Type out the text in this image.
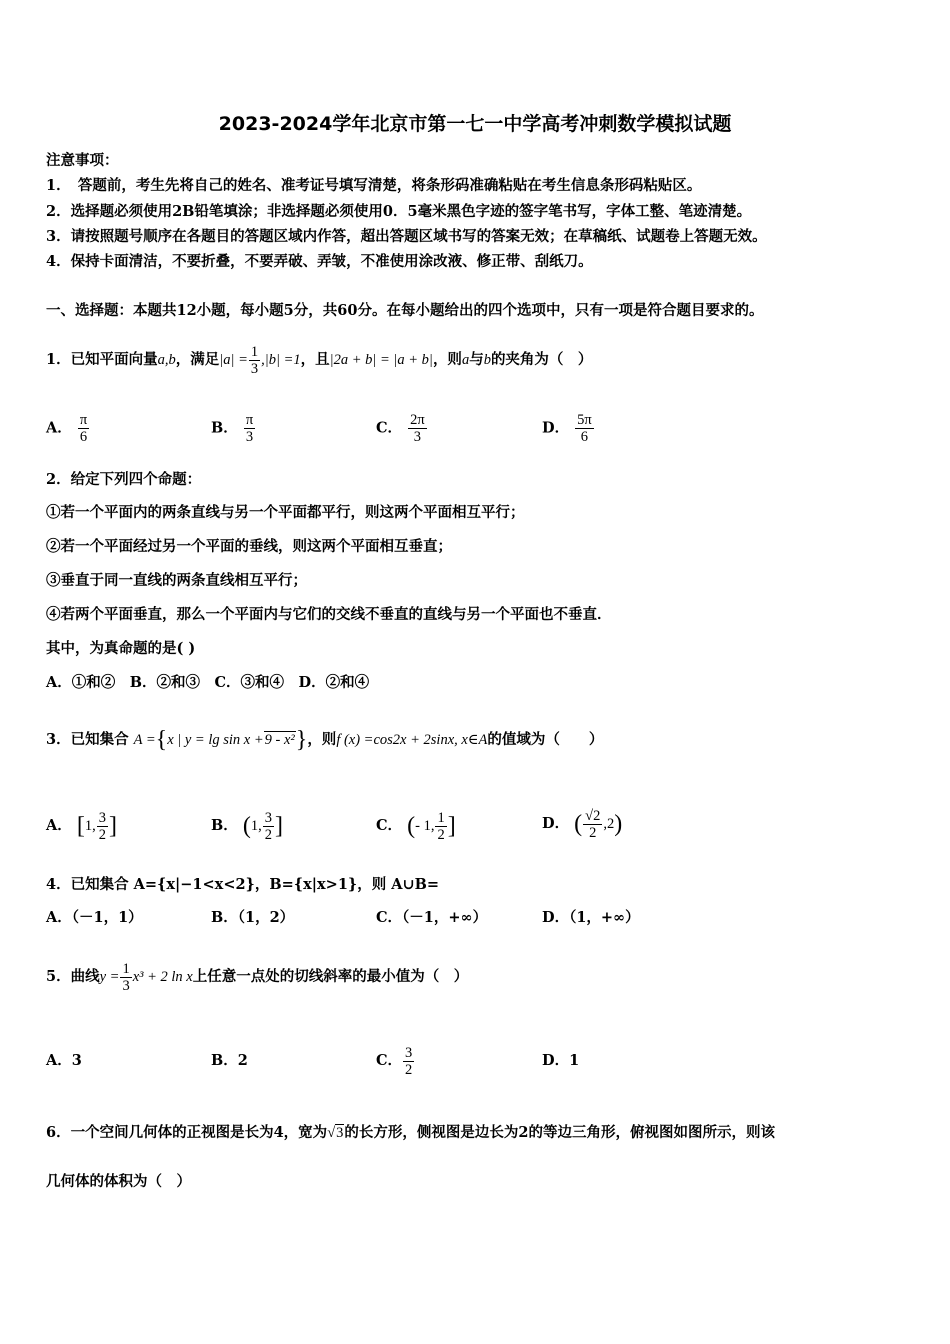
2023-2024学年北京市第一七一中学高考冲刺数学模拟试题
注意事项：
1．　答题前，考生先将自己的姓名、准考证号填写清楚，将条形码准确粘贴在考生信息条形码粘贴区。
2．选择题必须使用2B铅笔填涂；非选择题必须使用0．5毫米黑色字迹的签字笔书写，字体工整、笔迹清楚。
3．请按照题号顺序在各题目的答题区域内作答，超出答题区域书写的答案无效；在草稿纸、试题卷上答题无效。
4．保持卡面清洁，不要折叠，不要弄破、弄皱，不准使用涂改液、修正带、刮纸刀。
一、选择题：本题共12小题，每小题5分，共60分。在每小题给出的四个选项中，只有一项是符合题目要求的。
1．已知平面向量a,b，满足$|a| = \frac{1}{3} ,|b| =1$，且|2a + b| = |a + b|，则a与b的夹角为（　）
A． $\frac{\pi}{6}$	B． $\frac{\pi}{3}$	C． $\frac{2\pi}{3}$	D． $\frac{5\pi}{6}$
2．给定下列四个命题：
①若一个平面内的两条直线与另一个平面都平行，则这两个平面相互平行；
②若一个平面经过另一个平面的垂线，则这两个平面相互垂直；
③垂直于同一直线的两条直线相互平行；
④若两个平面垂直，那么一个平面内与它们的交线不垂直的直线与另一个平面也不垂直．
其中，为真命题的是( )
A．①和②　B．②和③　C．③和④　D．②和④
3．已知集合 A ={x | y = lg sin x +9 - x²}，则f (x) =cos2x + 2sinx, x∈A的值域为（　　）
A． [1, $\frac{3}{2}$ ]	B． (1, $\frac{3}{2}$ ]	C． (- 1, $\frac{1}{2}$ ]	D． ( $\frac{√2}{2} ,2$)
4．已知集合 A={x|−1<x<2}，B={x|x>1}，则 A∪B=
A．（－1，1）	B．（1，2）	C．（－1，+∞）	D．（1，+∞）
5．曲线$y = \frac{1}{3} x^3 + 2$ ln x上任意一点处的切线斜率的最小值为（　）
A．3	B．2	C． $\frac{3}{2}$	D．1
6．一个空间几何体的正视图是长为4，宽为√3的长方形，侧视图是边长为2的等边三角形，俯视图如图所示，则该
几何体的体积为（　）
